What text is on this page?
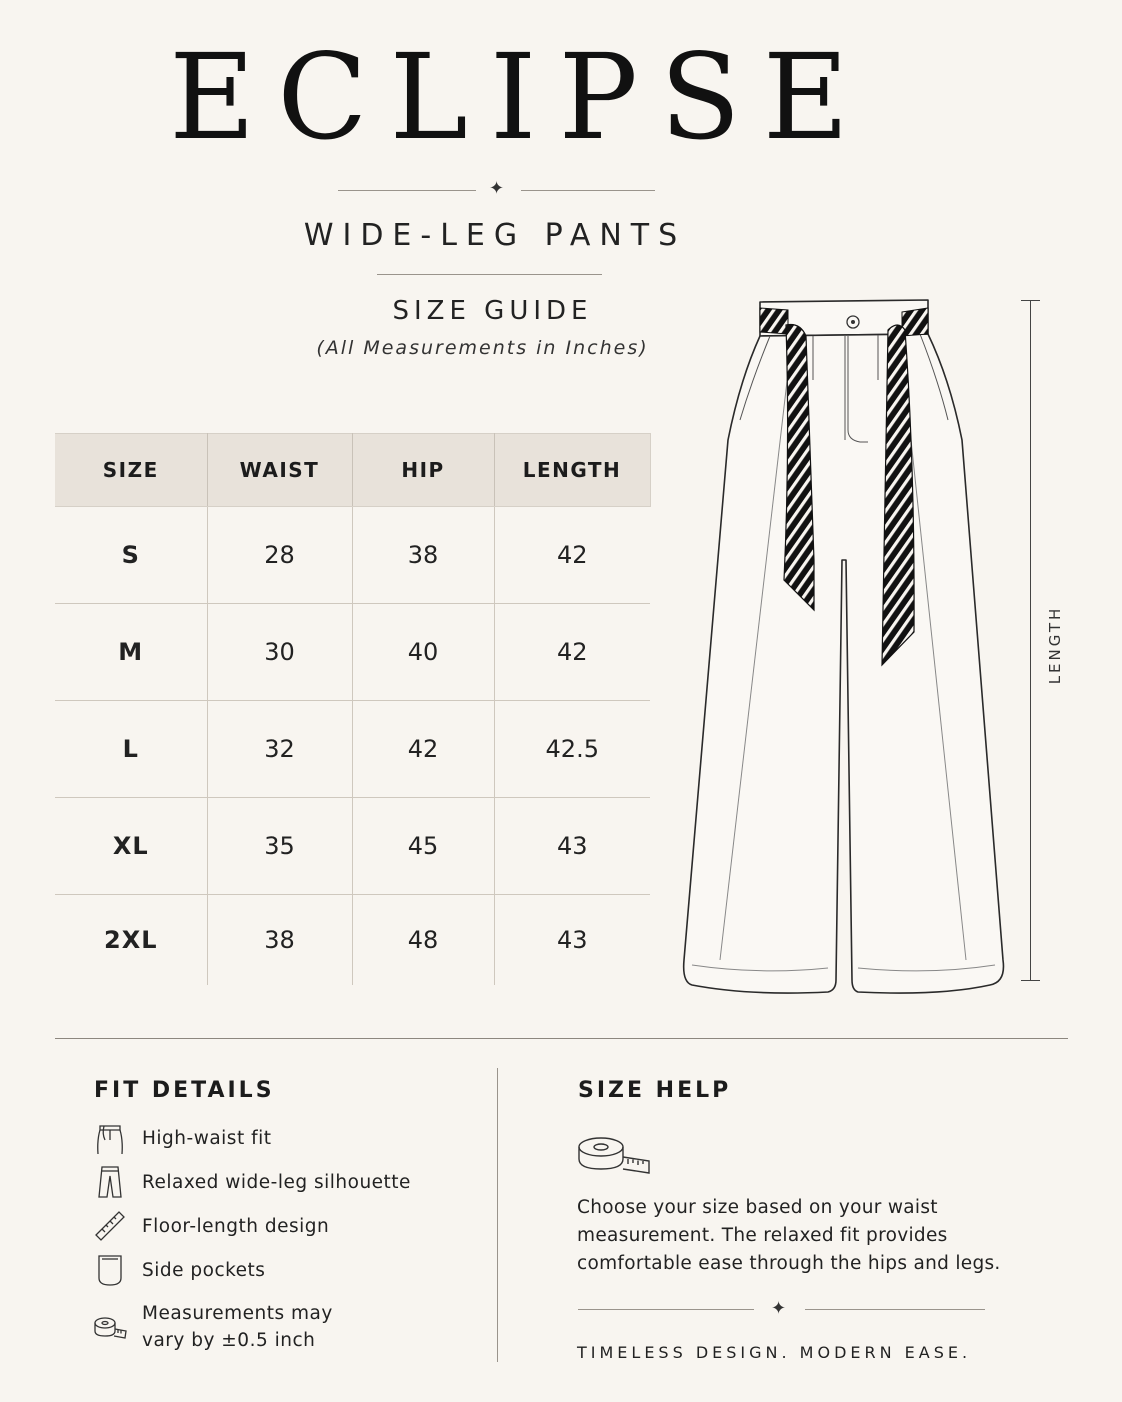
ECLIPSE
✦
WIDE-LEG PANTS
SIZE GUIDE
(All Measurements in Inches)
SIZE	WAIST	HIP	LENGTH
S	28	38	42
M	30	40	42
L	32	42	42.5
XL	35	45	43
2XL	38	48	43
LENGTH
FIT DETAILS
High-waist fit
Relaxed wide-leg silhouette
Floor-length design
Side pockets
Measurements may vary by ±0.5 inch
SIZE HELP
Choose your size based on your waist measurement. The relaxed fit provides comfortable ease through the hips and legs.
✦
TIMELESS DESIGN. MODERN EASE.
